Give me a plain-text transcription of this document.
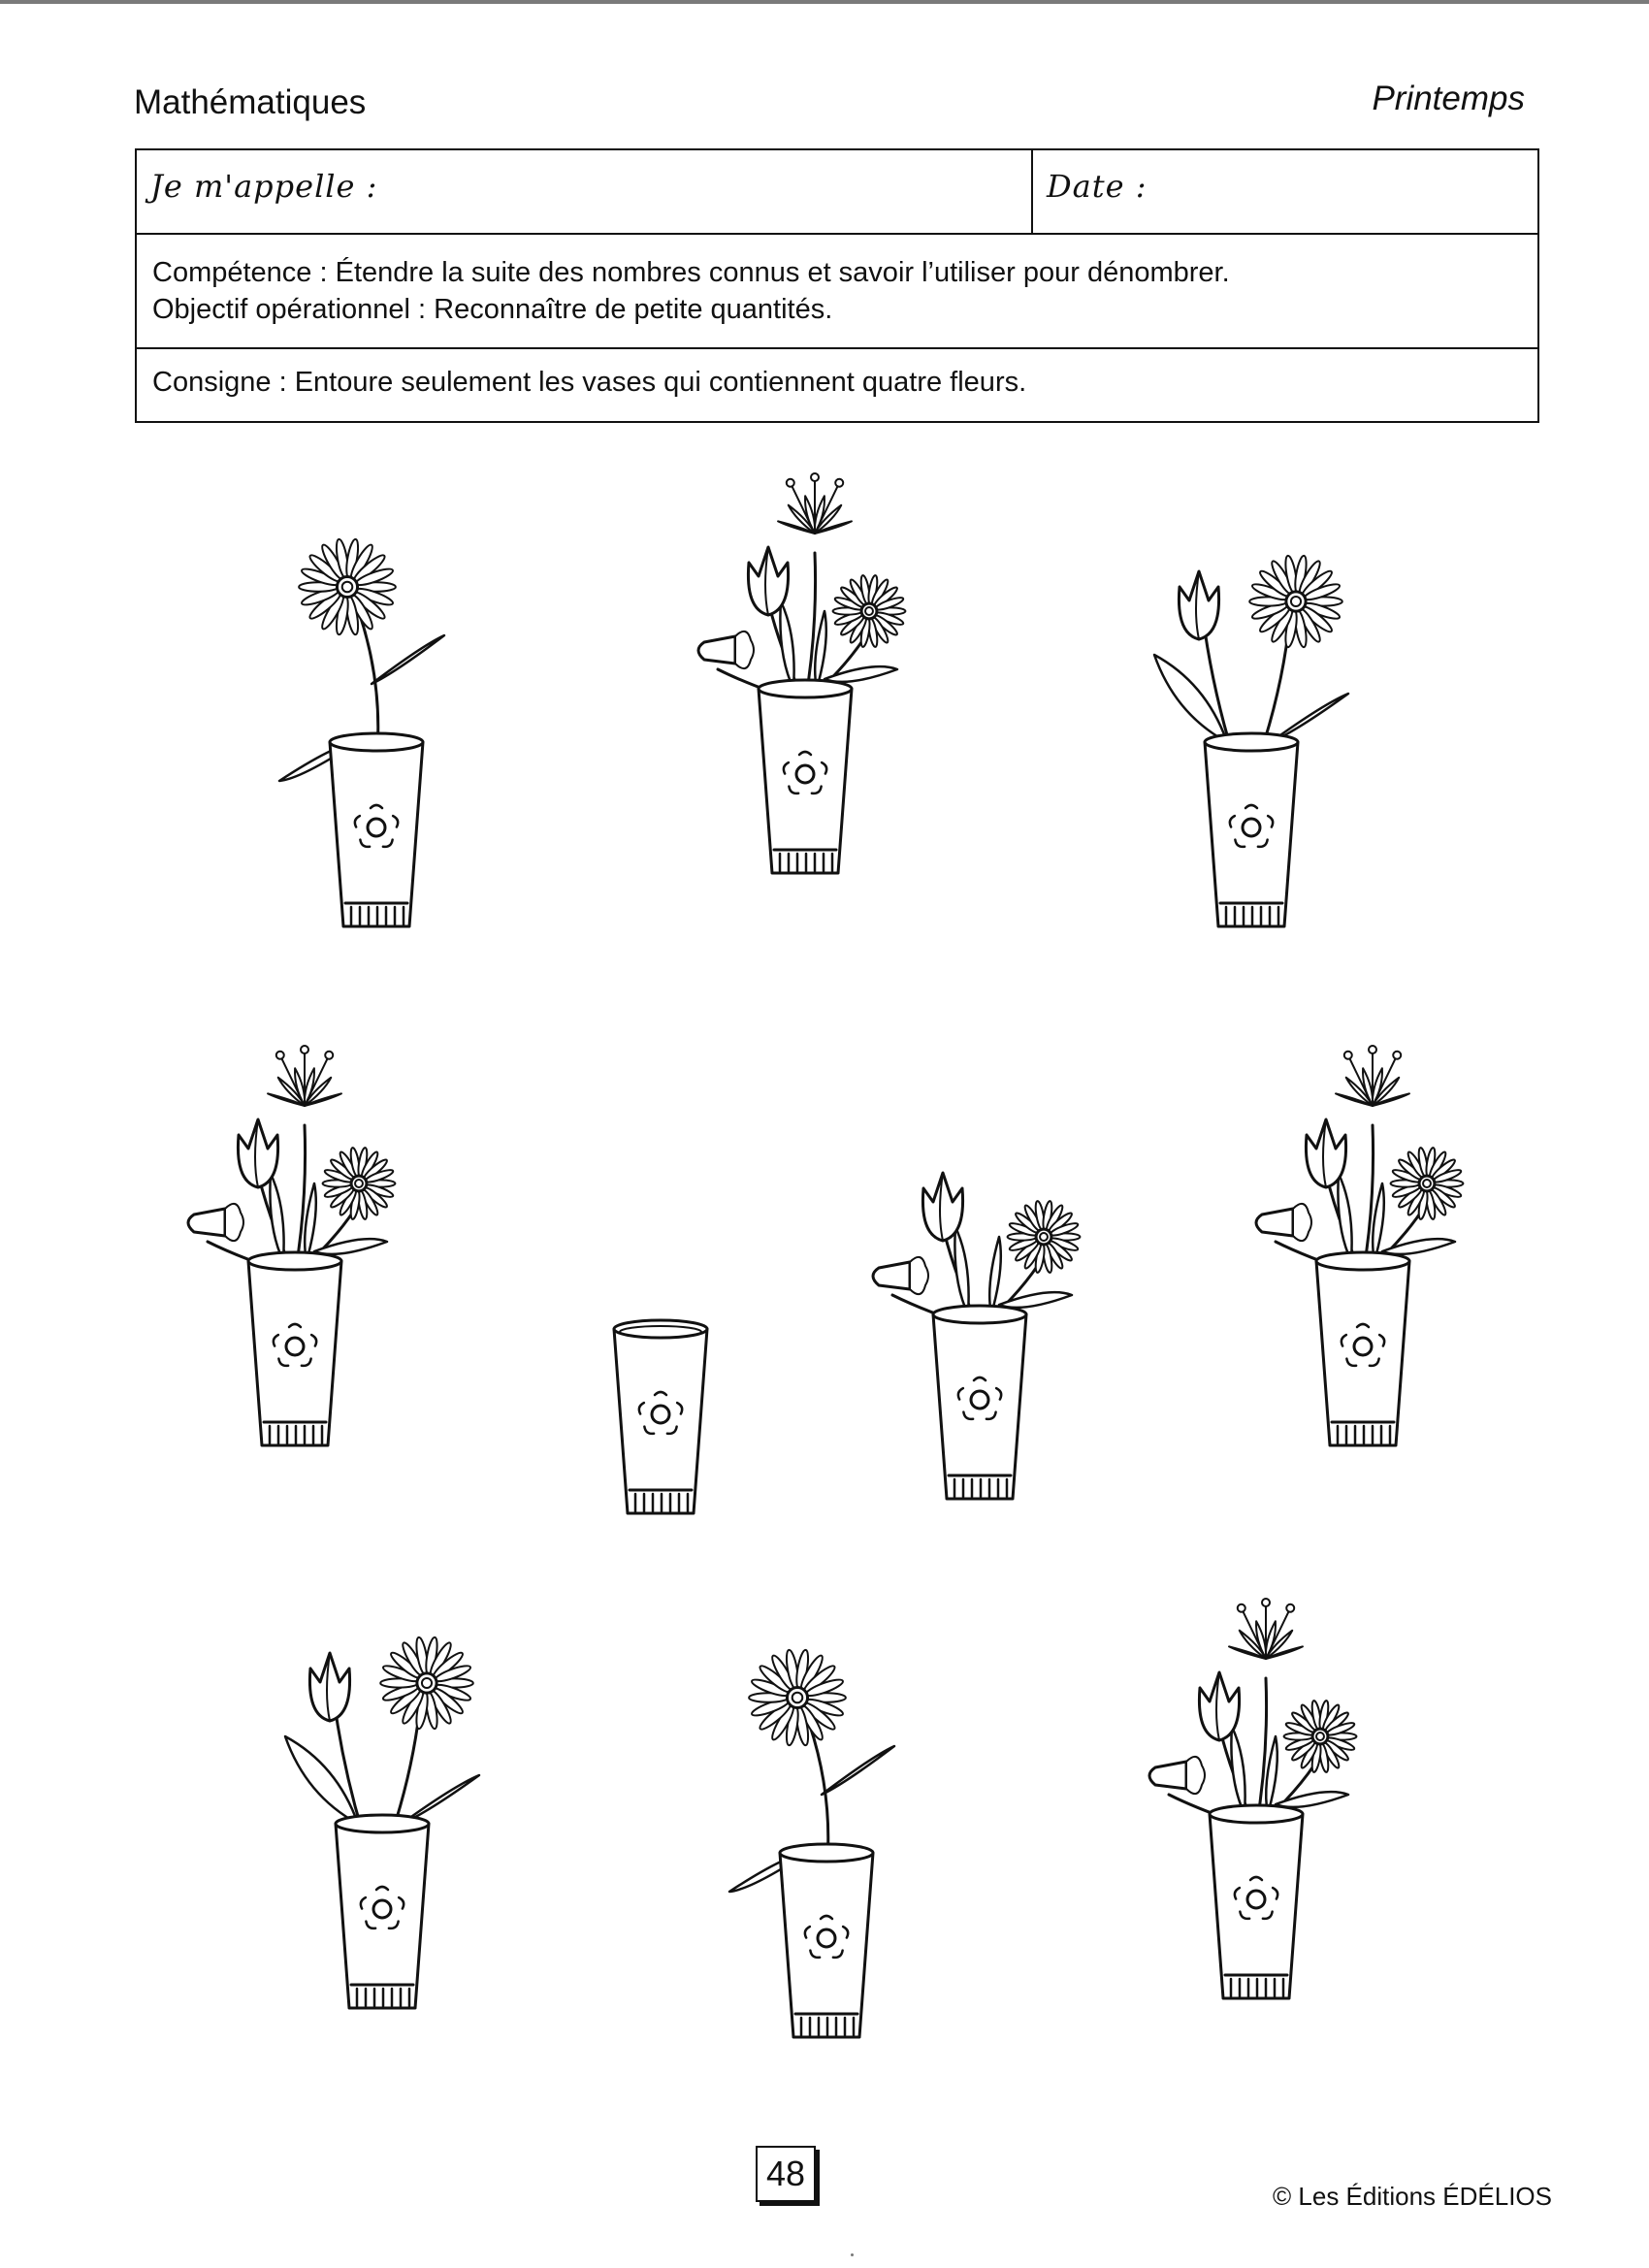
Mathématiques	Printemps
Je m'appelle :	Date :
Compétence : Étendre la suite des nombres connus et savoir l’utiliser pour dénombrer.
Objectif opérationnel : Reconnaître de petite quantités.
Consigne : Entoure seulement les vases qui contiennent quatre fleurs.
48
© Les Éditions ÉDÉLIOS
